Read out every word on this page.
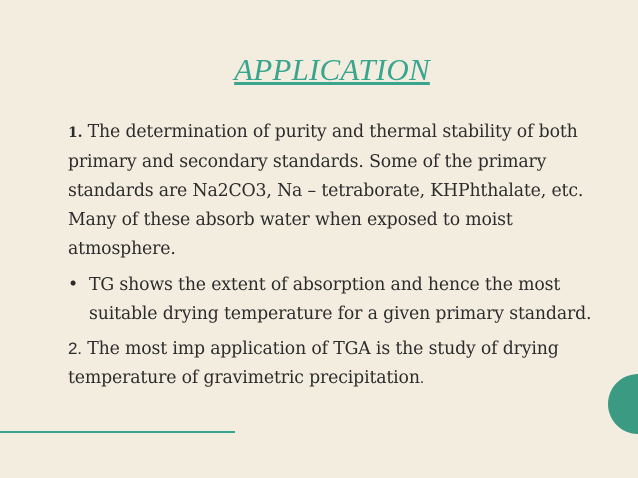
APPLICATION

1. The determination of purity and thermal stability of both primary and secondary standards. Some of the primary standards are Na2CO3, Na – tetraborate, KHPhthalate, etc. Many of these absorb water when exposed to moist atmosphere.

• TG shows the extent of absorption and hence the most suitable drying temperature for a given primary standard.

2. The most imp application of TGA is the study of drying temperature of gravimetric precipitation.
